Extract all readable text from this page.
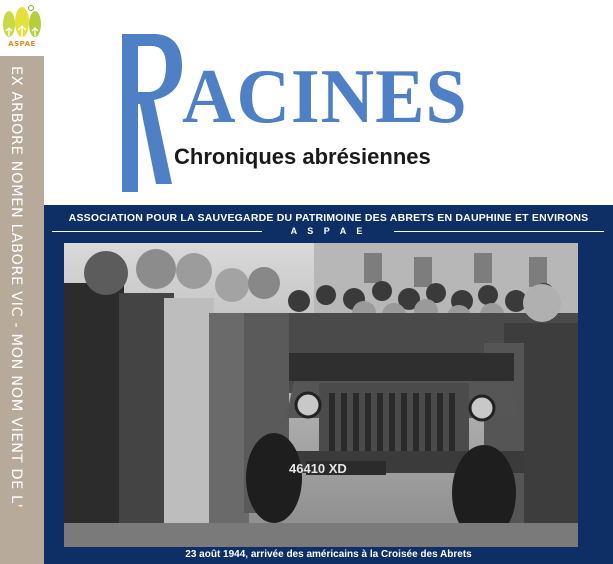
ASPAE
EX ARBORE NOMEN LABORE VIC - MON NOM VIENT DE L' ACINES
Chroniques abrésiennes
ASSOCIATION POUR LA SAUVEGARDE DU PATRIMOINE DES ABRETS EN DAUPHINE ET ENVIRONS
A S P A E
46410 XD
23 août 1944, arrivée des américains à la Croisée des Abrets
